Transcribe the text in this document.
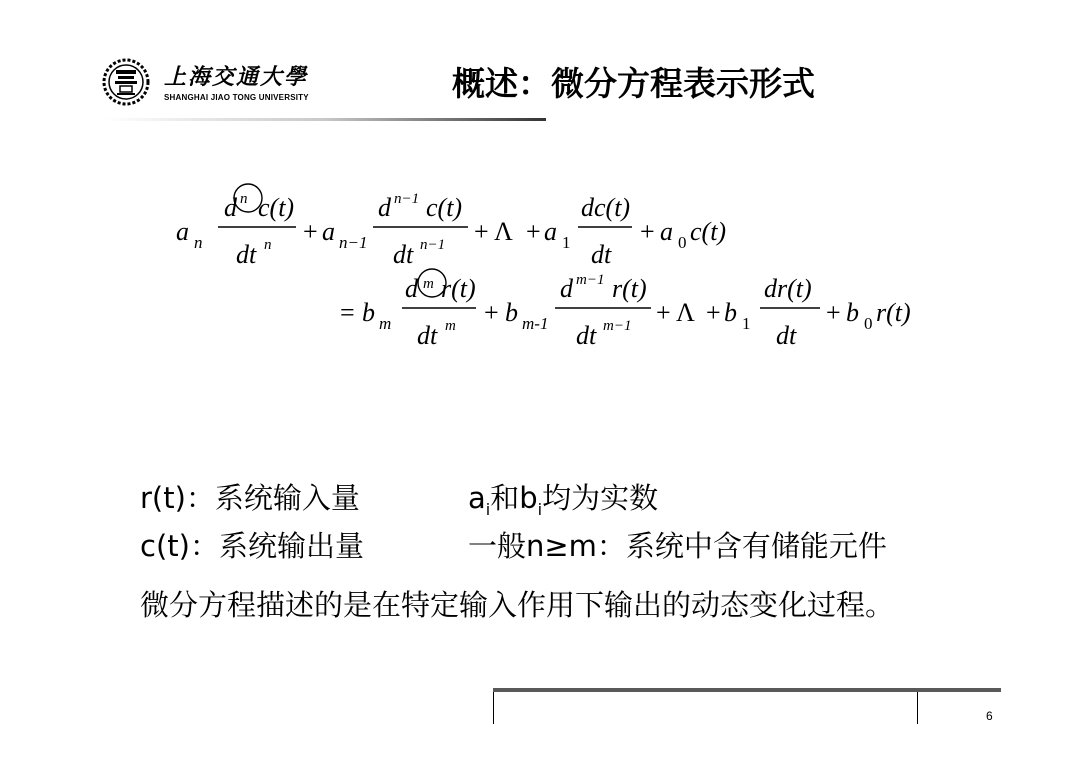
上海交通大學
SHANGHAI JIAO TONG UNIVERSITY	概述：微分方程表示形式
a n
d n c(t)
dt n + a n−1
d n−1 c(t)
dt n−1 + Λ + a 1
dc(t)
dt
+ a 0 c(t)
= b m
d m r(t)
dt m + b m-1
d m−1 r(t)
dt m−1 + Λ + b 1
dr(t)
dt
+ b 0 r(t)
r(t)：系统输入量	$a_i$和$b_i$均为实数
c(t)：系统输出量	一般n≥m：系统中含有储能元件
微分方程描述的是在特定输入作用下输出的动态变化过程。
6
